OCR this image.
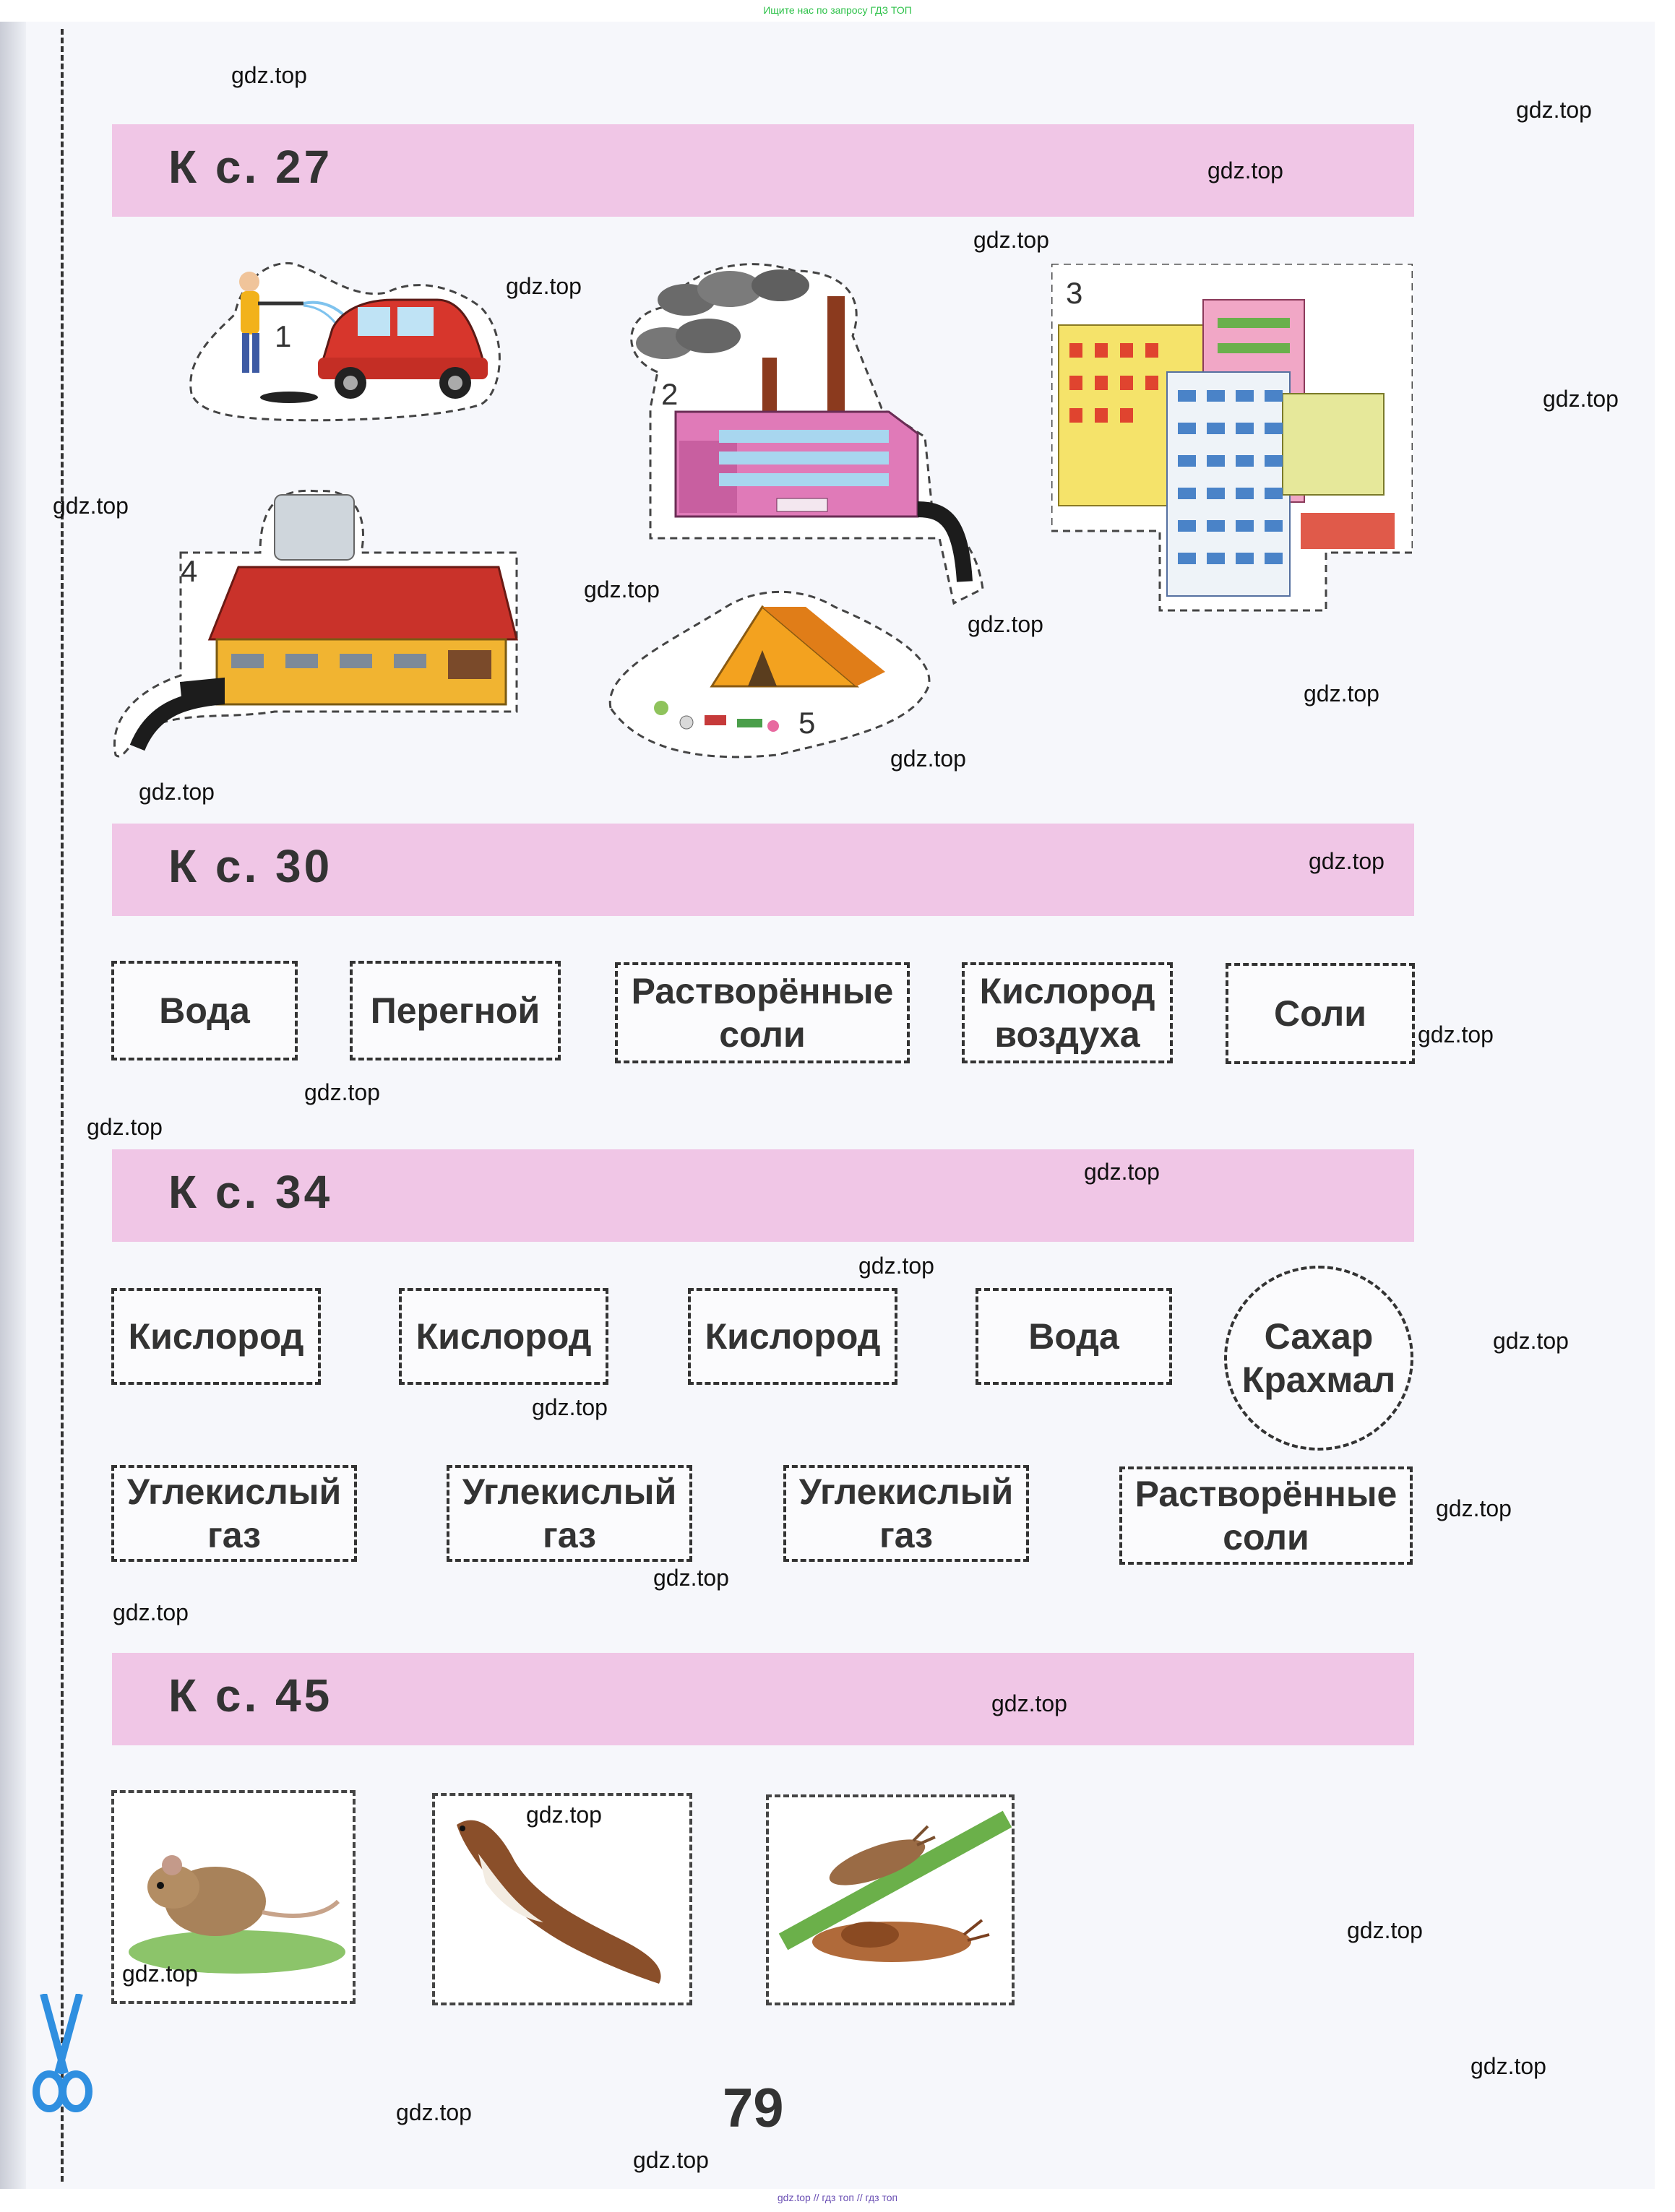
Ищите нас по запросу ГДЗ ТОП
К с. 27
1
2
3
4
5
К с. 30
Вода	Перегной	Растворённые соли
Кислород воздуха
Соли
К с. 34
Кислород	Кислород	Кислород	Вода	Сахар Крахмал
Углекислый газ
Углекислый газ
Углекислый газ
Растворённые соли
К с. 45
79
gdz.top
gdz.top
gdz.top
gdz.top
gdz.top
gdz.top
gdz.top
gdz.top
gdz.top
gdz.top
gdz.top
gdz.top
gdz.top
gdz.top
gdz.top
gdz.top
gdz.top
gdz.top
gdz.top
gdz.top
gdz.top
gdz.top
gdz.top
gdz.top
gdz.top
gdz.top
gdz.top
gdz.top
gdz.top
gdz.top
gdz.top // гдз топ // гдз топ
